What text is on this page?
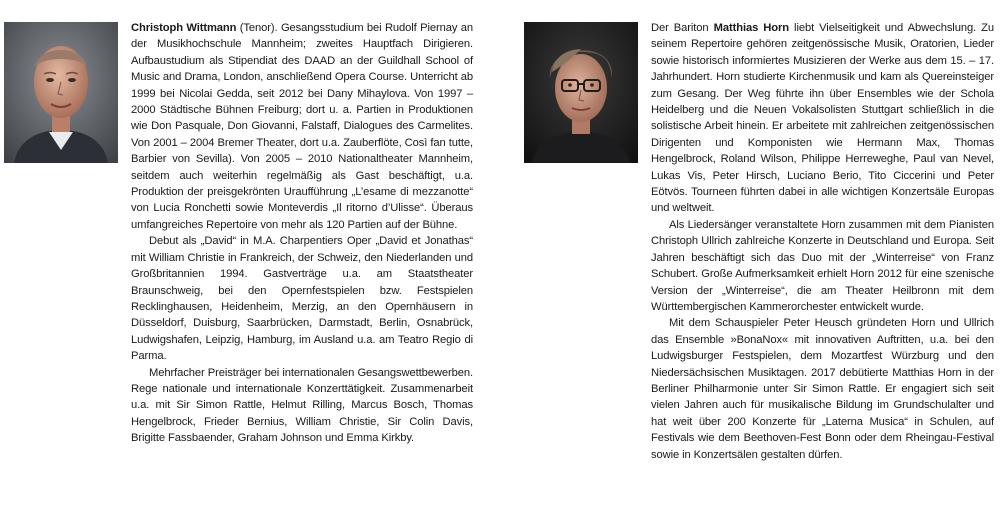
Christoph Wittmann (Tenor). Gesangsstudium bei Rudolf Piernay an der Musikhochschule Mannheim; zweites Hauptfach Dirigieren. Aufbaustudium als Stipendiat des DAAD an der Guildhall School of Music and Drama, London, anschließend Opera Course. Unterricht ab 1999 bei Nicolai Gedda, seit 2012 bei Dany Mihaylova. Von 1997 – 2000 Städtische Bühnen Freiburg; dort u. a. Partien in Produktionen wie Don Pasquale, Don Giovanni, Falstaff, Dialogues des Carmelites. Von 2001 – 2004 Bremer Theater, dort u.a. Zauberflöte, Così fan tutte, Barbier von Sevilla). Von 2005 – 2010 Nationaltheater Mannheim, seitdem auch weiterhin regelmäßig als Gast beschäftigt, u.a. Produktion der preisgekrönten Uraufführung „L’esame di mezzanotte“ von Lucia Ronchetti sowie Monteverdis „Il ritorno d’Ulisse“. Überaus umfangreiches Repertoire von mehr als 120 Partien auf der Bühne.

Debut als „David“ in M.A. Charpentiers Oper „David et Jonathas“ mit William Christie in Frankreich, der Schweiz, den Niederlanden und Großbritannien 1994. Gastverträge u.a. am Staatstheater Braunschweig, bei den Opernfestspielen bzw. Festspielen Recklinghausen, Heidenheim, Merzig, an den Opernhäusern in Düsseldorf, Duisburg, Saarbrücken, Darmstadt, Berlin, Osnabrück, Ludwigshafen, Leipzig, Hamburg, im Ausland u.a. am Teatro Regio di Parma.

Mehrfacher Preisträger bei internationalen Gesangswettbewerben. Rege nationale und internationale Konzerttätigkeit. Zusammenarbeit u.a. mit Sir Simon Rattle, Helmut Rilling, Marcus Bosch, Thomas Hengelbrock, Frieder Bernius, William Christie, Sir Colin Davis, Brigitte Fassbaender, Graham Johnson und Emma Kirkby.

Der Bariton Matthias Horn liebt Vielseitigkeit und Abwechslung. Zu seinem Repertoire gehören zeitgenössische Musik, Oratorien, Lieder sowie historisch informiertes Musizieren der Werke aus dem 15. – 17. Jahrhundert. Horn studierte Kirchenmusik und kam als Quereinsteiger zum Gesang. Der Weg führte ihn über Ensembles wie der Schola Heidelberg und die Neuen Vokalsolisten Stuttgart schließlich in die solistische Arbeit hinein. Er arbeitete mit zahlreichen zeitgenössischen Dirigenten und Komponisten wie Hermann Max, Thomas Hengelbrock, Roland Wilson, Philippe Herreweghe, Paul van Nevel, Lukas Vis, Peter Hirsch, Luciano Berio, Tito Ciccerini und Peter Eötvös. Tourneen führten dabei in alle wichtigen Konzertsäle Europas und weltweit.

Als Liedersänger veranstaltete Horn zusammen mit dem Pianisten Christoph Ullrich zahlreiche Konzerte in Deutschland und Europa. Seit Jahren beschäftigt sich das Duo mit der „Winterreise“ von Franz Schubert. Große Aufmerksamkeit erhielt Horn 2012 für eine szenische Version der „Winterreise“, die am Theater Heilbronn mit dem Württembergischen Kammerorchester entwickelt wurde.

Mit dem Schauspieler Peter Heusch gründeten Horn und Ullrich das Ensemble »BonaNox« mit innovativen Auftritten, u.a. bei den Ludwigsburger Festspielen, dem Mozartfest Würzburg und den Niedersächsischen Musiktagen. 2017 debütierte Matthias Horn in der Berliner Philharmonie unter Sir Simon Rattle. Er engagiert sich seit vielen Jahren auch für musikalische Bildung im Grundschulalter und hat weit über 200 Konzerte für „Laterna Musica“ in Schulen, auf Festivals wie dem Beethoven-Fest Bonn oder dem Rheingau-Festival sowie in Konzertsälen gestalten dürfen.
